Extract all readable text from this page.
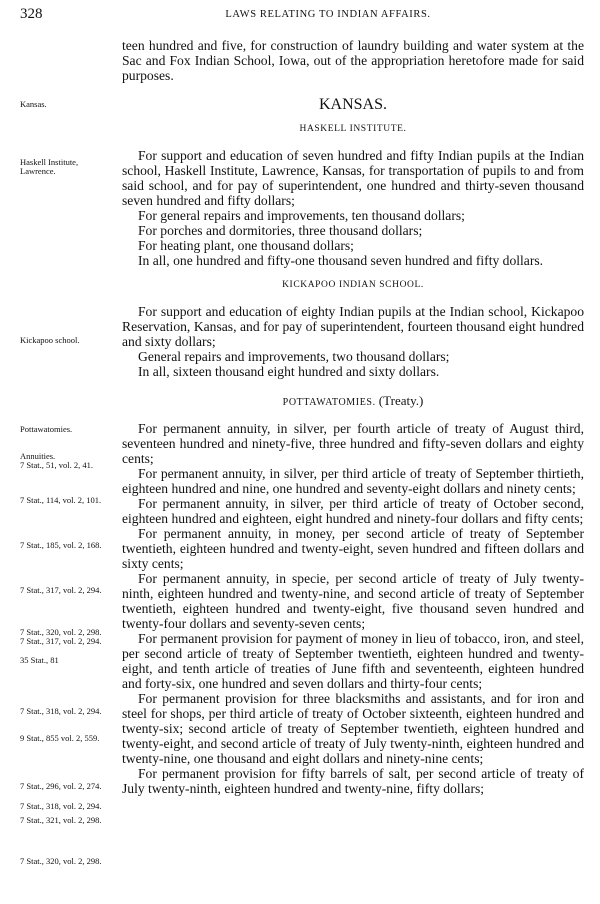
328	LAWS RELATING TO INDIAN AFFAIRS.
Kansas.
Haskell Institute,
Lawrence.
Kickapoo school.
Pottawatomies.
Annuities.
7 Stat., 51, vol. 2, 41.
7 Stat., 114, vol. 2, 101.
7 Stat., 185, vol. 2, 168.
7 Stat., 317, vol. 2, 294.
7 Stat., 320, vol. 2, 298.
7 Stat., 317, vol. 2, 294.
35 Stat., 81
7 Stat., 318, vol. 2, 294.
9 Stat., 855 vol. 2, 559.
7 Stat., 296, vol. 2, 274.
7 Stat., 318, vol. 2, 294.
7 Stat., 321, vol. 2, 298.
7 Stat., 320, vol. 2, 298.

teen hundred and five, for construction of laundry building and water system at the Sac and Fox Indian School, Iowa, out of the appropriation heretofore made for said purposes.

KANSAS.

HASKELL INSTITUTE.

For support and education of seven hundred and fifty Indian pupils at the Indian school, Haskell Institute, Lawrence, Kansas, for transportation of pupils to and from said school, and for pay of superintendent, one hundred and thirty-seven thousand seven hundred and fifty dollars;

For general repairs and improvements, ten thousand dollars;

For porches and dormitories, three thousand dollars;

For heating plant, one thousand dollars;

In all, one hundred and fifty-one thousand seven hundred and fifty dollars.

KICKAPOO INDIAN SCHOOL.

For support and education of eighty Indian pupils at the Indian school, Kickapoo Reservation, Kansas, and for pay of superintendent, fourteen thousand eight hundred and sixty dollars;

General repairs and improvements, two thousand dollars;

In all, sixteen thousand eight hundred and sixty dollars.

POTTAWATOMIES. (Treaty.)

For permanent annuity, in silver, per fourth article of treaty of August third, seventeen hundred and ninety-five, three hundred and fifty-seven dollars and eighty cents;

For permanent annuity, in silver, per third article of treaty of September thirtieth, eighteen hundred and nine, one hundred and seventy-eight dollars and ninety cents;

For permanent annuity, in silver, per third article of treaty of October second, eighteen hundred and eighteen, eight hundred and ninety-four dollars and fifty cents;

For permanent annuity, in money, per second article of treaty of September twentieth, eighteen hundred and twenty-eight, seven hundred and fifteen dollars and sixty cents;

For permanent annuity, in specie, per second article of treaty of July twenty-ninth, eighteen hundred and twenty-nine, and second article of treaty of September twentieth, eighteen hundred and twenty-eight, five thousand seven hundred and twenty-four dollars and seventy-seven cents;

For permanent provision for payment of money in lieu of tobacco, iron, and steel, per second article of treaty of September twentieth, eighteen hundred and twenty-eight, and tenth article of treaties of June fifth and seventeenth, eighteen hundred and forty-six, one hundred and seven dollars and thirty-four cents;

For permanent provision for three blacksmiths and assistants, and for iron and steel for shops, per third article of treaty of October sixteenth, eighteen hundred and twenty-six; second article of treaty of September twentieth, eighteen hundred and twenty-eight, and second article of treaty of July twenty-ninth, eighteen hundred and twenty-nine, one thousand and eight dollars and ninety-nine cents;

For permanent provision for fifty barrels of salt, per second article of treaty of July twenty-ninth, eighteen hundred and twenty-nine, fifty dollars;
